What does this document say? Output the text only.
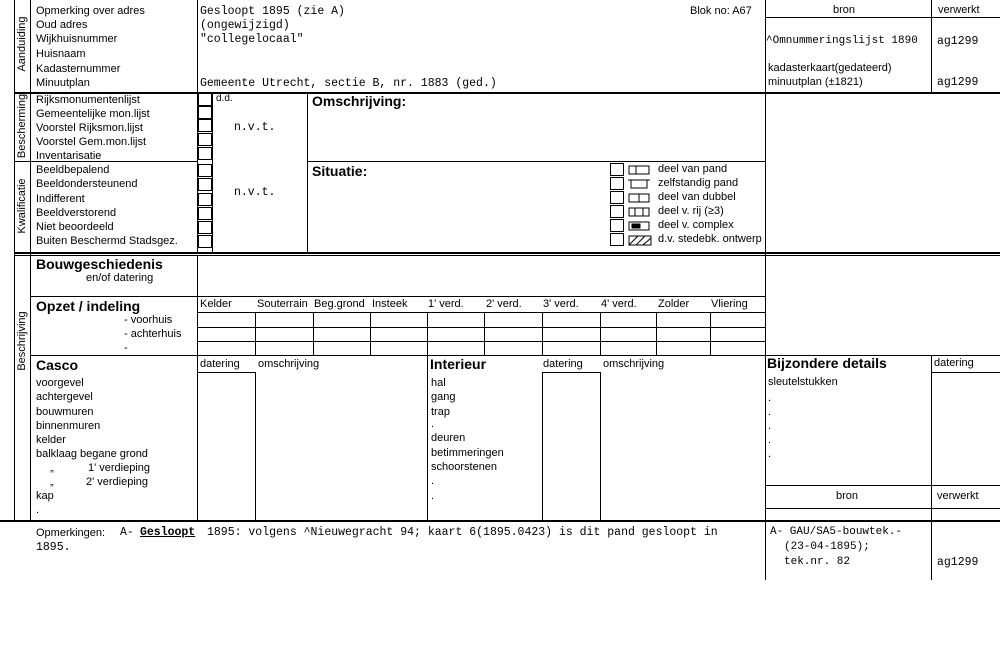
Aanduiding
Bescherming
Kwalificatie
Beschrijving
Opmerking over adres
Oud adres
Wijkhuisnummer
Huisnaam
Kadasternummer
Minuutplan
Gesloopt 1895 (zie A)
(ongewijzigd)
"collegelocaal"
Gemeente Utrecht, sectie B, nr. 1883 (ged.)
Blok no: A67	bron	verwerkt
^Omnummeringslijst 1890 ag1299
kadasterkaart(gedateerd)
minuutplan (±1821)	ag1299
Rijksmonumentenlijst
Gemeentelijke mon.lijst
Voorstel Rijksmon.lijst
Voorstel Gem.mon.lijst
Inventarisatie
d.d.
n.v.t.
Omschrijving:
Beeldbepalend
Beeldondersteunend
Indifferent
Beeldverstorend
Niet beoordeeld
Buiten Beschermd Stadsgez.
n.v.t.
Situatie:	deel van pand
zelfstandig pand
deel van dubbel
deel v. rij (≥3)
deel v. complex
d.v. stedebk. ontwerp
Bouwgeschiedenis
en/of datering
Opzet / indeling
- voorhuis
- achterhuis
-
Kelder Souterrain Beg.grond Insteek 1' verd. 2' verd. 3' verd. 4' verd. Zolder Vliering
Casco	datering omschrijving
voorgevel
achtergevel
bouwmuren
binnenmuren
kelder
balklaag begane grond
„	1' verdieping
„	2' verdieping
kap
.
Interieur	datering omschrijving
hal
gang
trap
.
deuren
betimmeringen
schoorstenen
.
.
Bijzondere details	datering
sleutelstukken
.
.
.
.
.
bron	verwerkt
Opmerkingen: A- Gesloopt 1895: volgens ^Nieuwegracht 94; kaart 6(1895.0423) is dit pand gesloopt in
1895.
A- GAU/SA5-bouwtek.-
(23-04-1895);
tek.nr. 82	ag1299
